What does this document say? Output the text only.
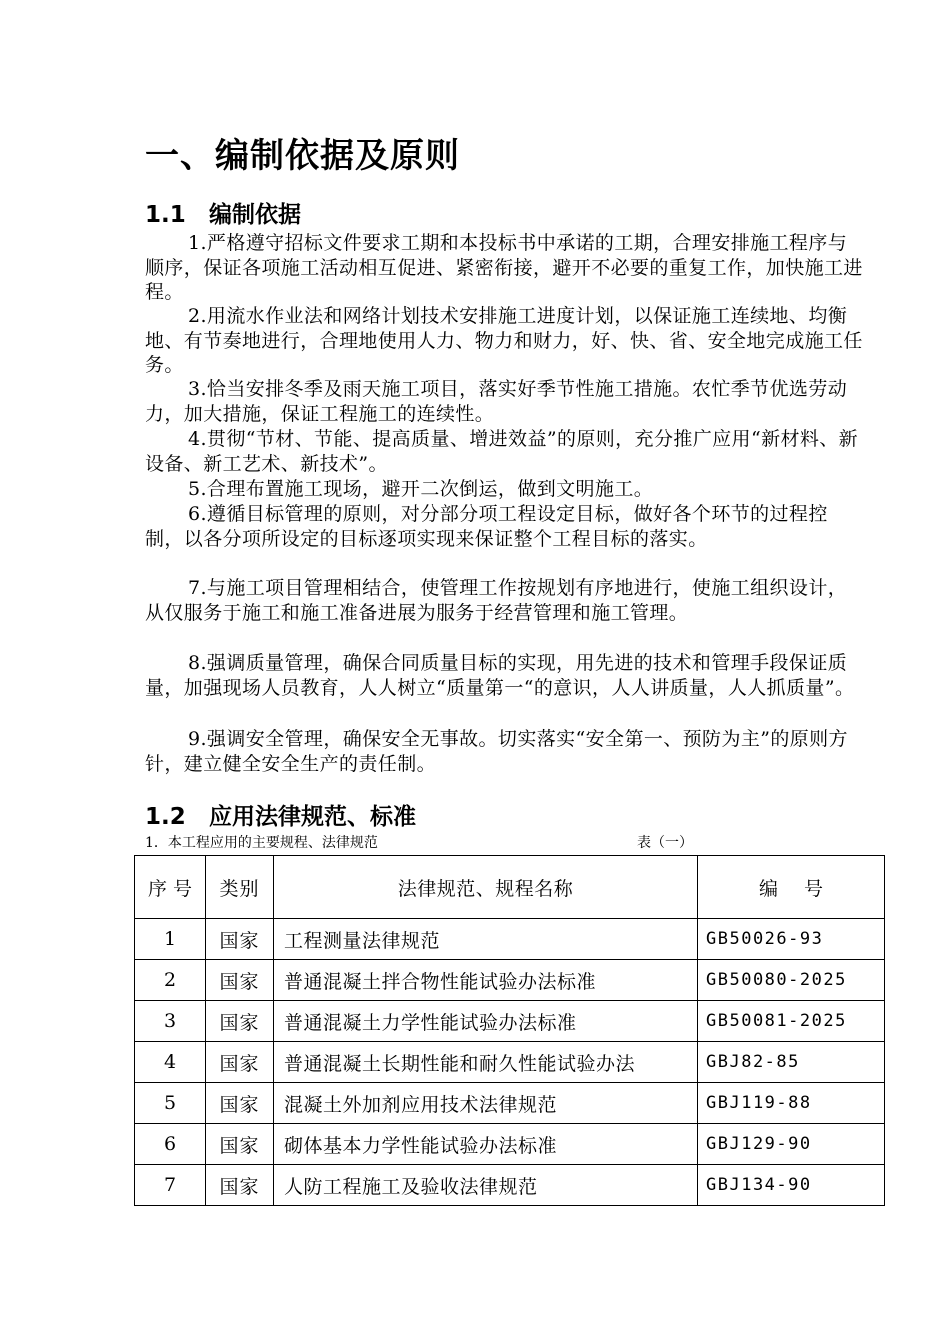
一、编制依据及原则
1.1 编制依据

1.严格遵守招标文件要求工期和本投标书中承诺的工期，合理安排施工程序与顺序，保证各项施工活动相互促进、紧密衔接，避开不必要的重复工作，加快施工进程。

2.用流水作业法和网络计划技术安排施工进度计划，以保证施工连续地、均衡地、有节奏地进行，合理地使用人力、物力和财力，好、快、省、安全地完成施工任务。

3.恰当安排冬季及雨天施工项目，落实好季节性施工措施。农忙季节优选劳动力，加大措施，保证工程施工的连续性。

4.贯彻“节材、节能、提高质量、增进效益”的原则，充分推广应用“新材料、新设备、新工艺术、新技术”。

5.合理布置施工现场，避开二次倒运，做到文明施工。

6.遵循目标管理的原则，对分部分项工程设定目标，做好各个环节的过程控制，以各分项所设定的目标逐项实现来保证整个工程目标的落实。

7.与施工项目管理相结合，使管理工作按规划有序地进行，使施工组织设计，从仅服务于施工和施工准备进展为服务于经营管理和施工管理。

8.强调质量管理，确保合同质量目标的实现，用先进的技术和管理手段保证质量，加强现场人员教育，人人树立“质量第一“的意识，人人讲质量，人人抓质量”。

9.强调安全管理，确保安全无事故。切实落实“安全第一、预防为主”的原则方针，建立健全安全生产的责任制。

1.2 应用法律规范、标准
1．本工程应用的主要规程、法律规范	表（一）
序 号	类别	法律规范、规程名称	编 号
1	国家	工程测量法律规范	GB50026-93
2	国家	普通混凝土拌合物性能试验办法标准	GB50080-2025
3	国家	普通混凝土力学性能试验办法标准	GB50081-2025
4	国家	普通混凝土长期性能和耐久性能试验办法	GBJ82-85
5	国家	混凝土外加剂应用技术法律规范	GBJ119-88
6	国家	砌体基本力学性能试验办法标准	GBJ129-90
7	国家	人防工程施工及验收法律规范	GBJ134-90
